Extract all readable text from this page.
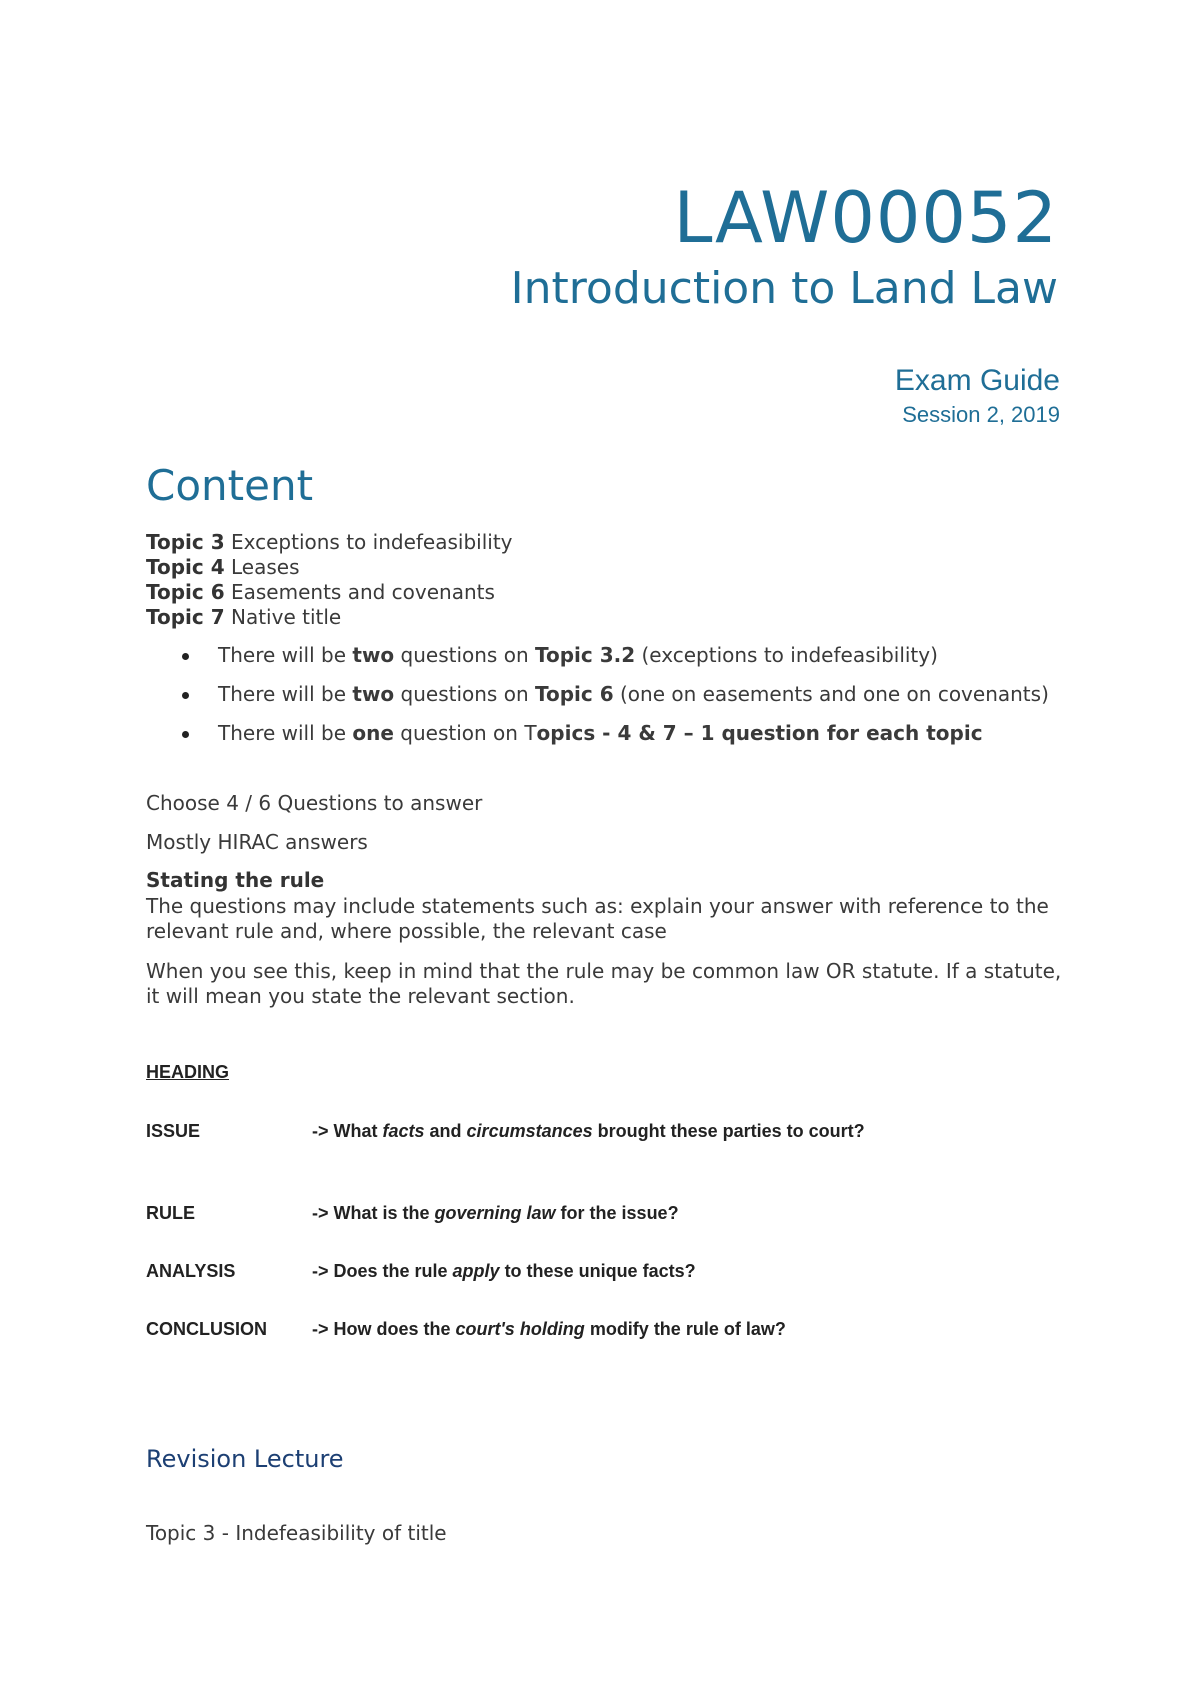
LAW00052
Introduction to Land Law
Exam Guide
Session 2, 2019
Content
Topic 3 Exceptions to indefeasibility
Topic 4 Leases
Topic 6 Easements and covenants
Topic 7 Native title
There will be two questions on Topic 3.2 (exceptions to indefeasibility)
There will be two questions on Topic 6 (one on easements and one on covenants)
There will be one question on Topics - 4 & 7 – 1 question for each topic
Choose 4 / 6 Questions to answer
Mostly HIRAC answers
Stating the rule
The questions may include statements such as: explain your answer with reference to the relevant rule and, where possible, the relevant case
When you see this, keep in mind that the rule may be common law OR statute. If a statute, it will mean you state the relevant section.
HEADING
ISSUE	-> What facts and circumstances brought these parties to court?
RULE	-> What is the governing law for the issue?
ANALYSIS	-> Does the rule apply to these unique facts?
CONCLUSION	-> How does the court's holding modify the rule of law?
Revision Lecture
Topic 3 - Indefeasibility of title
